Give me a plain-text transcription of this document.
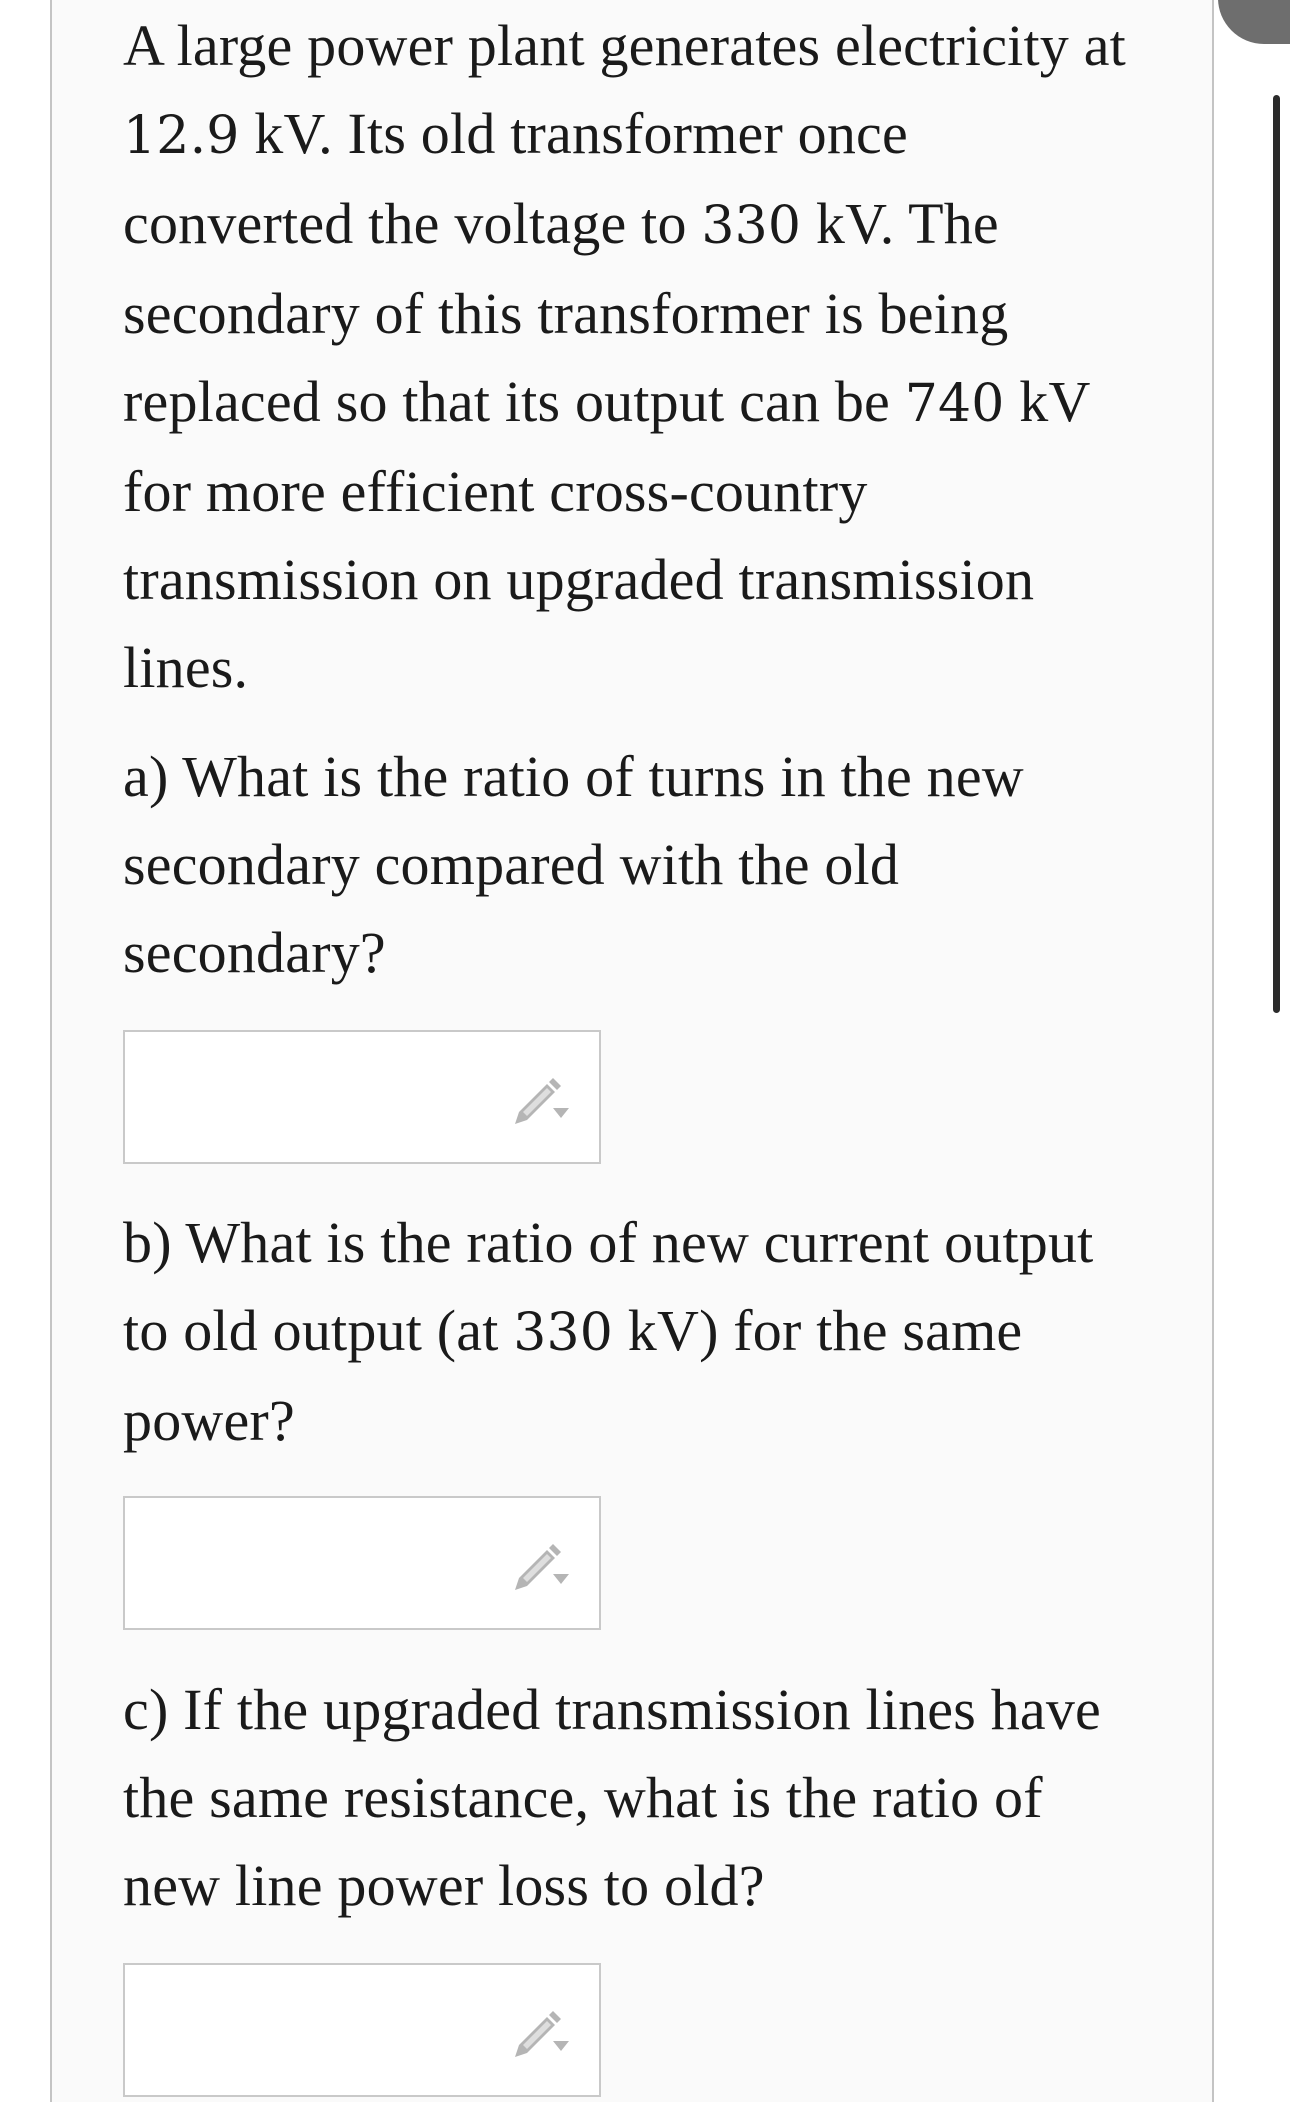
A large power plant generates electricity at 12.9 kV. Its old transformer once converted the voltage to 330 kV. The secondary of this transformer is being replaced so that its output can be 740 kV for more efficient cross-country transmission on upgraded transmission lines.
a) What is the ratio of turns in the new secondary compared with the old secondary?
b) What is the ratio of new current output to old output (at 330 kV) for the same power?
c) If the upgraded transmission lines have the same resistance, what is the ratio of new line power loss to old?
